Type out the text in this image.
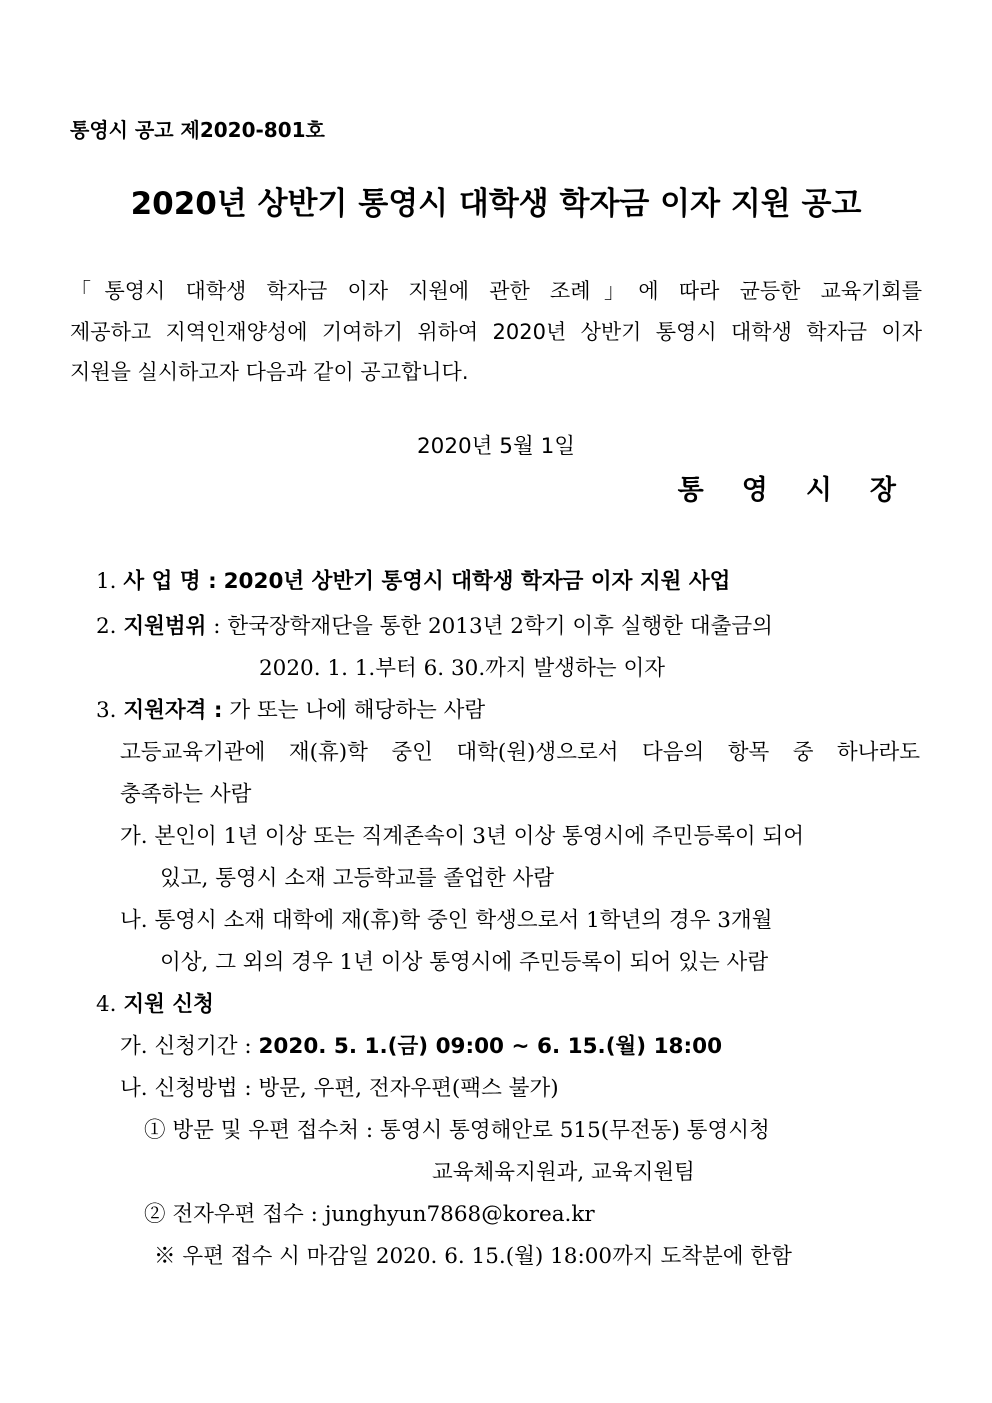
통영시 공고 제2020-801호
2020년 상반기 통영시 대학생 학자금 이자 지원 공고
「통영시 대학생 학자금 이자 지원에 관한 조례」에 따라 균등한 교육기회를
제공하고 지역인재양성에 기여하기 위하여 2020년 상반기 통영시 대학생 학자금 이자
지원을 실시하고자 다음과 같이 공고합니다.
2020년 5월 1일
통영시장
1. 사 업 명 : 2020년 상반기 통영시 대학생 학자금 이자 지원 사업
2. 지원범위 : 한국장학재단을 통한 2013년 2학기 이후 실행한 대출금의
2020. 1. 1.부터 6. 30.까지 발생하는 이자
3. 지원자격 : 가 또는 나에 해당하는 사람
고등교육기관에 재(휴)학 중인 대학(원)생으로서 다음의 항목 중 하나라도
충족하는 사람
가. 본인이 1년 이상 또는 직계존속이 3년 이상 통영시에 주민등록이 되어
있고, 통영시 소재 고등학교를 졸업한 사람
나. 통영시 소재 대학에 재(휴)학 중인 학생으로서 1학년의 경우 3개월
이상, 그 외의 경우 1년 이상 통영시에 주민등록이 되어 있는 사람
4. 지원 신청
가. 신청기간 : 2020. 5. 1.(금) 09:00 ~ 6. 15.(월) 18:00
나. 신청방법 : 방문, 우편, 전자우편(팩스 불가)
① 방문 및 우편 접수처 : 통영시 통영해안로 515(무전동) 통영시청
교육체육지원과, 교육지원팀
② 전자우편 접수 : junghyun7868@korea.kr
※ 우편 접수 시 마감일 2020. 6. 15.(월) 18:00까지 도착분에 한함
